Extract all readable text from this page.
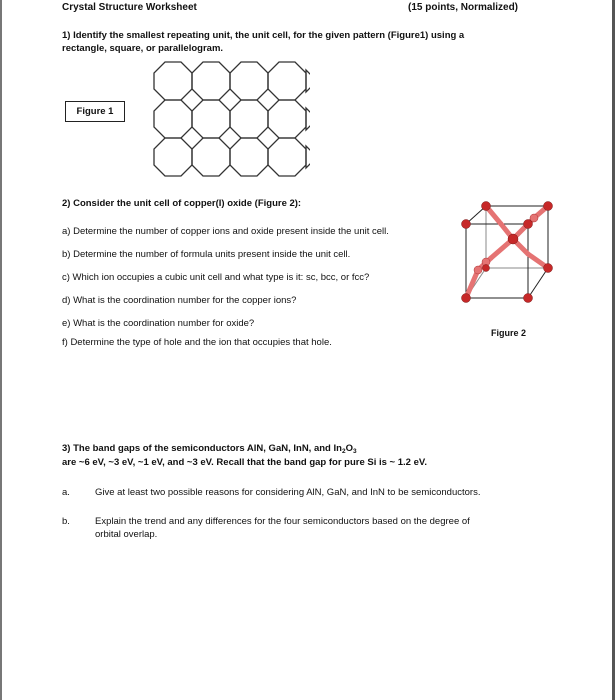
Crystal Structure Worksheet	(15 points, Normalized)
1) Identify the smallest repeating unit, the unit cell, for the given pattern (Figure1) using a
rectangle, square, or parallelogram.
Figure 1
2) Consider the unit cell of copper(I) oxide (Figure 2):
a) Determine the number of copper ions and oxide present inside the unit cell.
b) Determine the number of formula units present inside the unit cell.
c) Which ion occupies a cubic unit cell and what type is it: sc, bcc, or fcc?
d) What is the coordination number for the copper ions?
e) What is the coordination number for oxide?
f) Determine the type of hole and the ion that occupies that hole.
Figure 2
3) The band gaps of the semiconductors AlN, GaN, InN, and $In_2O_3$
are ~6 eV, ~3 eV, ~1 eV, and ~3 eV. Recall that the band gap for pure Si is ~ 1.2 eV.
a.	Give at least two possible reasons for considering AlN, GaN, and InN to be semiconductors.
b.	Explain the trend and any differences for the four semiconductors based on the degree of
orbital overlap.
